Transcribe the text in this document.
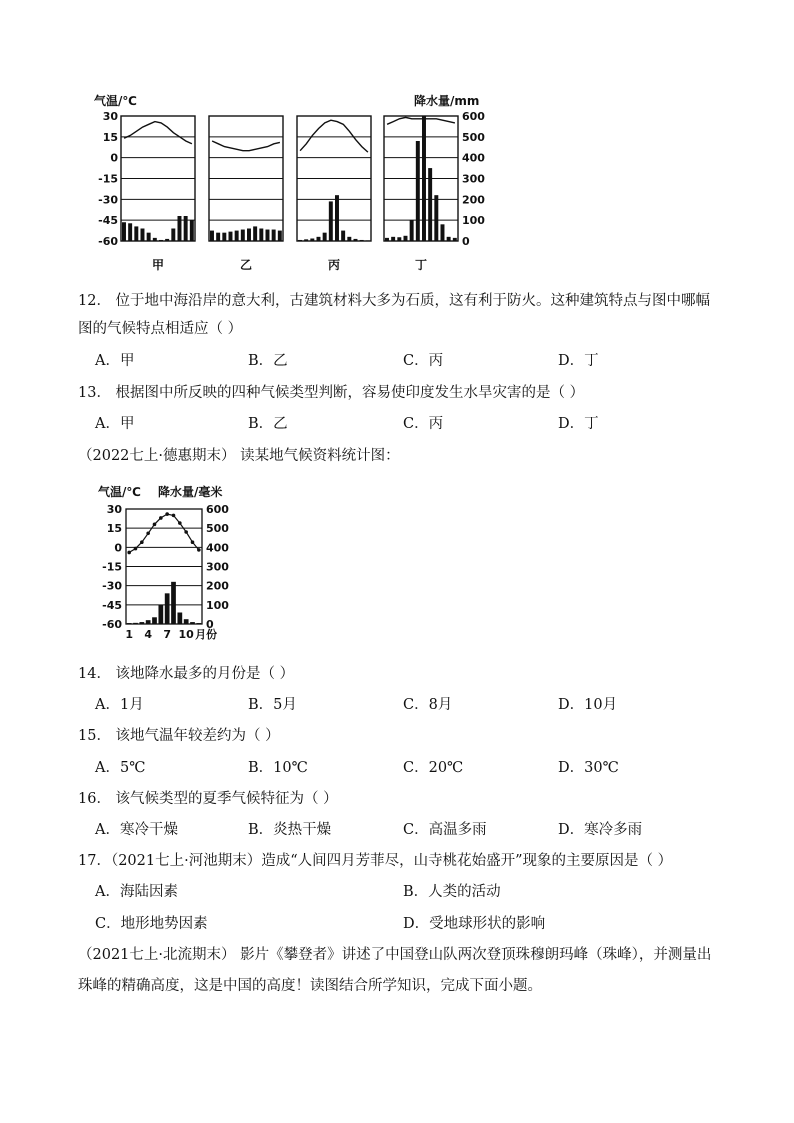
气温/℃	降水量/mm
30
15
0
-15
-30
-45
-60
600
500
400
300
200
100
0
甲	乙	丙	丁
12． 位于地中海沿岸的意大利，古建筑材料大多为石质，这有利于防火。这种建筑特点与图中哪幅
图的气候特点相适应（ ）
A．甲	B．乙	C．丙	D．丁
13． 根据图中所反映的四种气候类型判断，容易使印度发生水旱灾害的是（ ）
A．甲	B．乙	C．丙	D．丁
（2022七上·德惠期末） 读某地气候资料统计图：
气温/℃ 降水量/毫米
30
15
0
-15
-30
-45
-60
600
500
400
300
200
100
0
1 4 7 10 月份
14． 该地降水最多的月份是（ ）
A．1月	B．5月	C．8月	D．10月
15． 该地气温年较差约为（ ）
A．5℃	B．10℃	C．20℃	D．30℃
16． 该气候类型的夏季气候特征为（ ）
A．寒冷干燥	B．炎热干燥	C．高温多雨	D．寒冷多雨
17．（2021七上·河池期末）造成“人间四月芳菲尽，山寺桃花始盛开”现象的主要原因是（ ）
A．海陆因素	B．人类的活动
C．地形地势因素	D．受地球形状的影响
（2021七上·北流期末） 影片《攀登者》讲述了中国登山队两次登顶珠穆朗玛峰（珠峰），并测量出
珠峰的精确高度，这是中国的高度！读图结合所学知识，完成下面小题。
